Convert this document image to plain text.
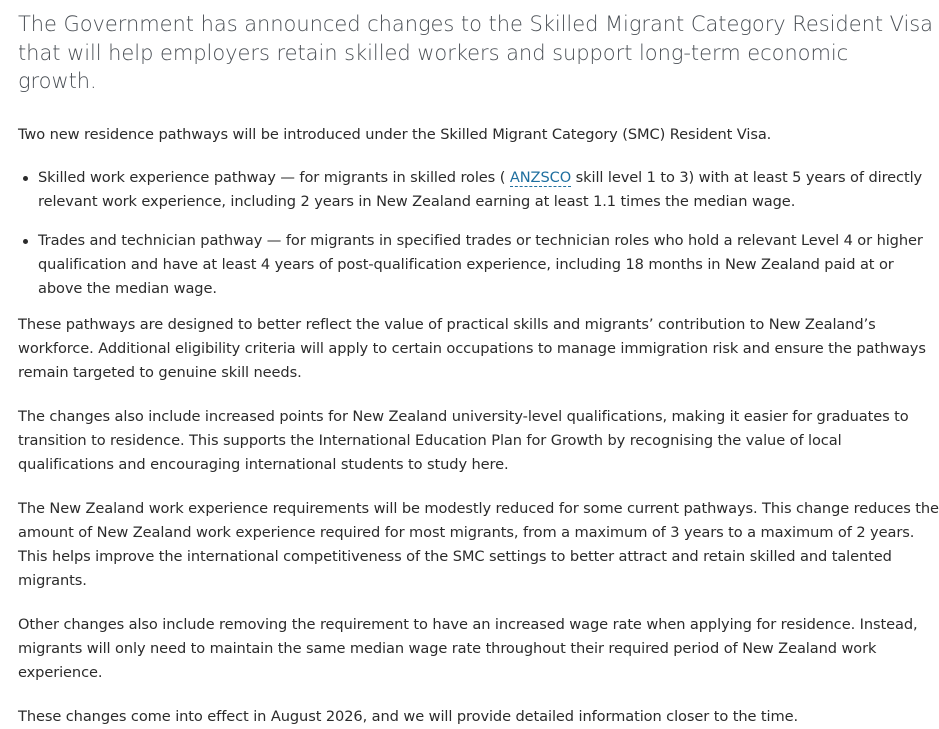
The Government has announced changes to the Skilled Migrant Category Resident Visa that will help employers retain skilled workers and support long-term economic growth.

Two new residence pathways will be introduced under the Skilled Migrant Category (SMC) Resident Visa.

Skilled work experience pathway — for migrants in skilled roles ( ANZSCO skill level 1 to 3) with at least 5 years of directly relevant work experience, including 2 years in New Zealand earning at least 1.1 times the median wage.
Trades and technician pathway — for migrants in specified trades or technician roles who hold a relevant Level 4 or higher qualification and have at least 4 years of post-qualification experience, including 18 months in New Zealand paid at or above the median wage.

These pathways are designed to better reflect the value of practical skills and migrants’ contribution to New Zealand’s workforce. Additional eligibility criteria will apply to certain occupations to manage immigration risk and ensure the pathways remain targeted to genuine skill needs.

The changes also include increased points for New Zealand university-level qualifications, making it easier for graduates to transition to residence. This supports the International Education Plan for Growth by recognising the value of local qualifications and encouraging international students to study here.

The New Zealand work experience requirements will be modestly reduced for some current pathways. This change reduces the amount of New Zealand work experience required for most migrants, from a maximum of 3 years to a maximum of 2 years. This helps improve the international competitiveness of the SMC settings to better attract and retain skilled and talented migrants.

Other changes also include removing the requirement to have an increased wage rate when applying for residence. Instead, migrants will only need to maintain the same median wage rate throughout their required period of New Zealand work experience.

These changes come into effect in August 2026, and we will provide detailed information closer to the time.
